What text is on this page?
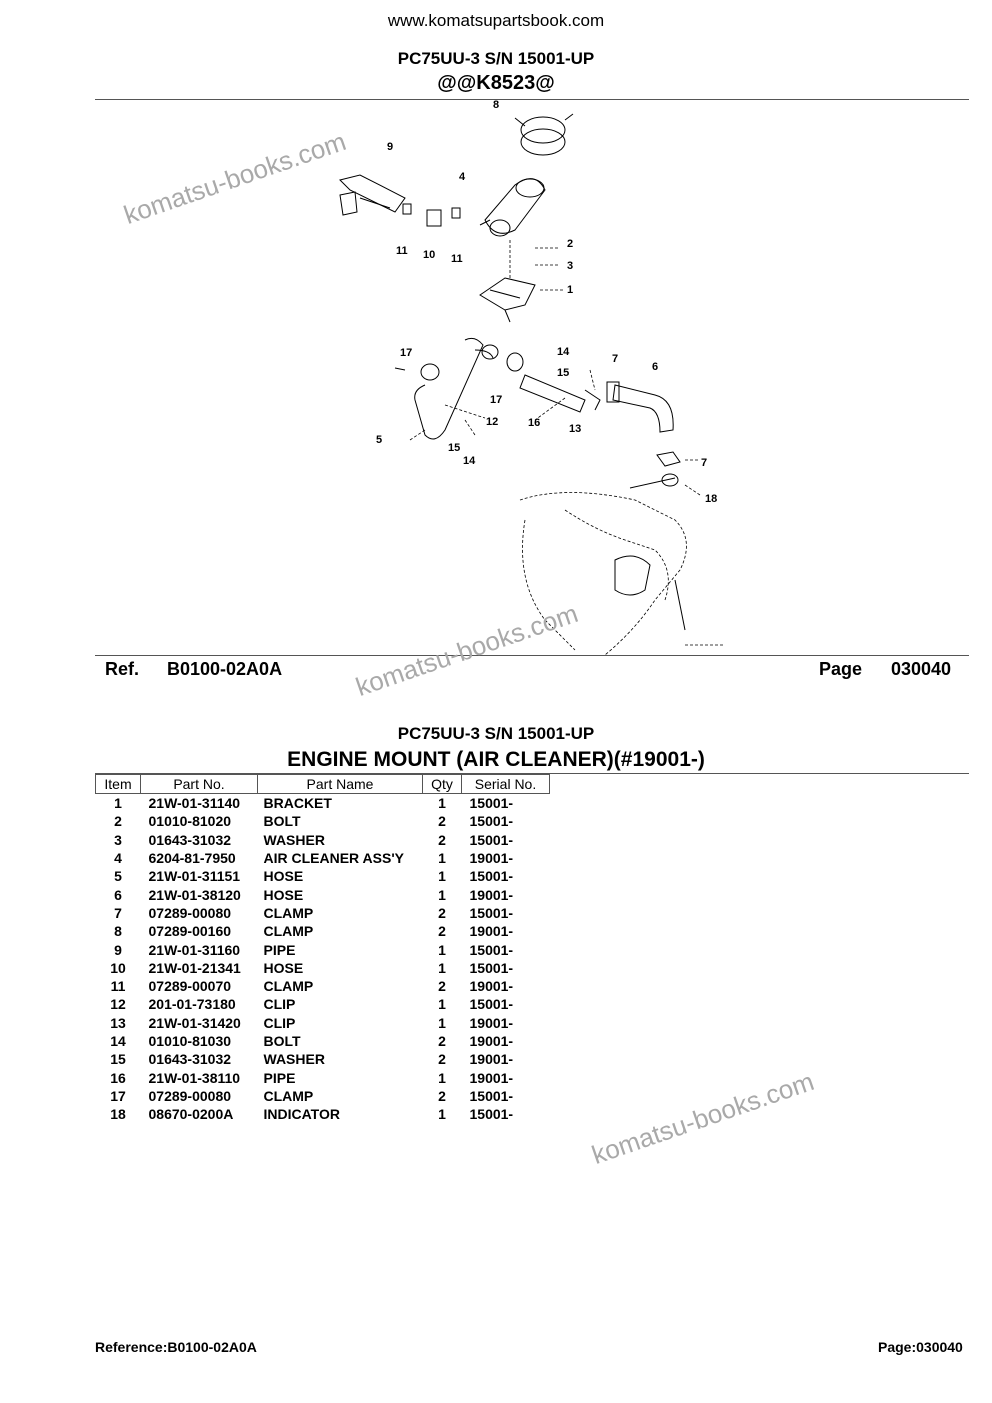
www.komatsupartsbook.com
PC75UU-3 S/N 15001-UP
@@K8523@
8
9
4
2
3
1
11 10 11
17	14
7
6
15
12
17
16	13
5
15
14	7
18
Ref. B0100-02A0A	Page 030040
PC75UU-3 S/N 15001-UP
ENGINE MOUNT (AIR CLEANER)(#19001-)
Item	Part No.	Part Name	Qty	Serial No.
1	21W-01-31140	BRACKET	1	15001-
2	01010-81020	BOLT	2	15001-
3	01643-31032	WASHER	2	15001-
4	6204-81-7950	AIR CLEANER ASS'Y	1	19001-
5	21W-01-31151	HOSE	1	15001-
6	21W-01-38120	HOSE	1	19001-
7	07289-00080	CLAMP	2	15001-
8	07289-00160	CLAMP	2	19001-
9	21W-01-31160	PIPE	1	15001-
10	21W-01-21341	HOSE	1	15001-
11	07289-00070	CLAMP	2	19001-
12	201-01-73180	CLIP	1	15001-
13	21W-01-31420	CLIP	1	19001-
14	01010-81030	BOLT	2	19001-
15	01643-31032	WASHER	2	19001-
16	21W-01-38110	PIPE	1	19001-
17	07289-00080	CLAMP	2	15001-
18	08670-0200A	INDICATOR	1	15001-
Reference:B0100-02A0A	Page:030040
komatsu-books.com
komatsu-books.com
komatsu-books.com
